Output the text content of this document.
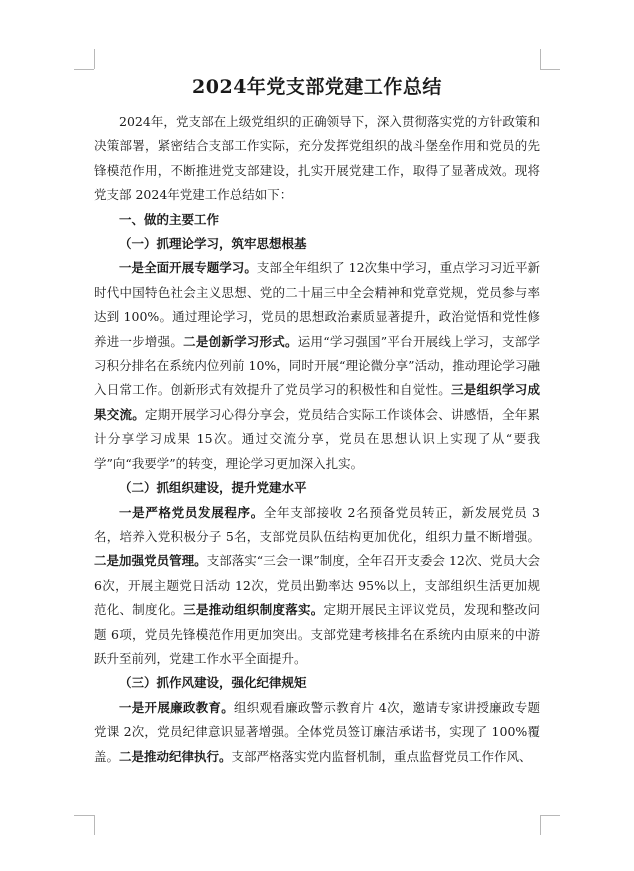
2024年党支部党建工作总结

2024年，党支部在上级党组织的正确领导下，深入贯彻落实党的方针政策和决策部署，紧密结合支部工作实际，充分发挥党组织的战斗堡垒作用和党员的先锋模范作用，不断推进党支部建设，扎实开展党建工作，取得了显著成效。现将党支部 2024年党建工作总结如下：

一、做的主要工作

（一）抓理论学习，筑牢思想根基

一是全面开展专题学习。支部全年组织了 12次集中学习，重点学习习近平新时代中国特色社会主义思想、党的二十届三中全会精神和党章党规，党员参与率达到 100%。通过理论学习，党员的思想政治素质显著提升，政治觉悟和党性修养进一步增强。二是创新学习形式。运用“学习强国”平台开展线上学习，支部学习积分排名在系统内位列前 10%，同时开展“理论微分享”活动，推动理论学习融入日常工作。创新形式有效提升了党员学习的积极性和自觉性。三是组织学习成果交流。定期开展学习心得分享会，党员结合实际工作谈体会、讲感悟，全年累计分享学习成果 15次。通过交流分享，党员在思想认识上实现了从“要我学”向“我要学”的转变，理论学习更加深入扎实。

（二）抓组织建设，提升党建水平

一是严格党员发展程序。全年支部接收 2名预备党员转正，新发展党员 3名，培养入党积极分子 5名，支部党员队伍结构更加优化，组织力量不断增强。二是加强党员管理。支部落实“三会一课”制度，全年召开支委会 12次、党员大会 6次，开展主题党日活动 12次，党员出勤率达 95%以上，支部组织生活更加规范化、制度化。三是推动组织制度落实。定期开展民主评议党员，发现和整改问题 6项，党员先锋模范作用更加突出。支部党建考核排名在系统内由原来的中游跃升至前列，党建工作水平全面提升。

（三）抓作风建设，强化纪律规矩

一是开展廉政教育。组织观看廉政警示教育片 4次，邀请专家讲授廉政专题党课 2次，党员纪律意识显著增强。全体党员签订廉洁承诺书，实现了 100%覆盖。二是推动纪律执行。支部严格落实党内监督机制，重点监督党员工作作风、
